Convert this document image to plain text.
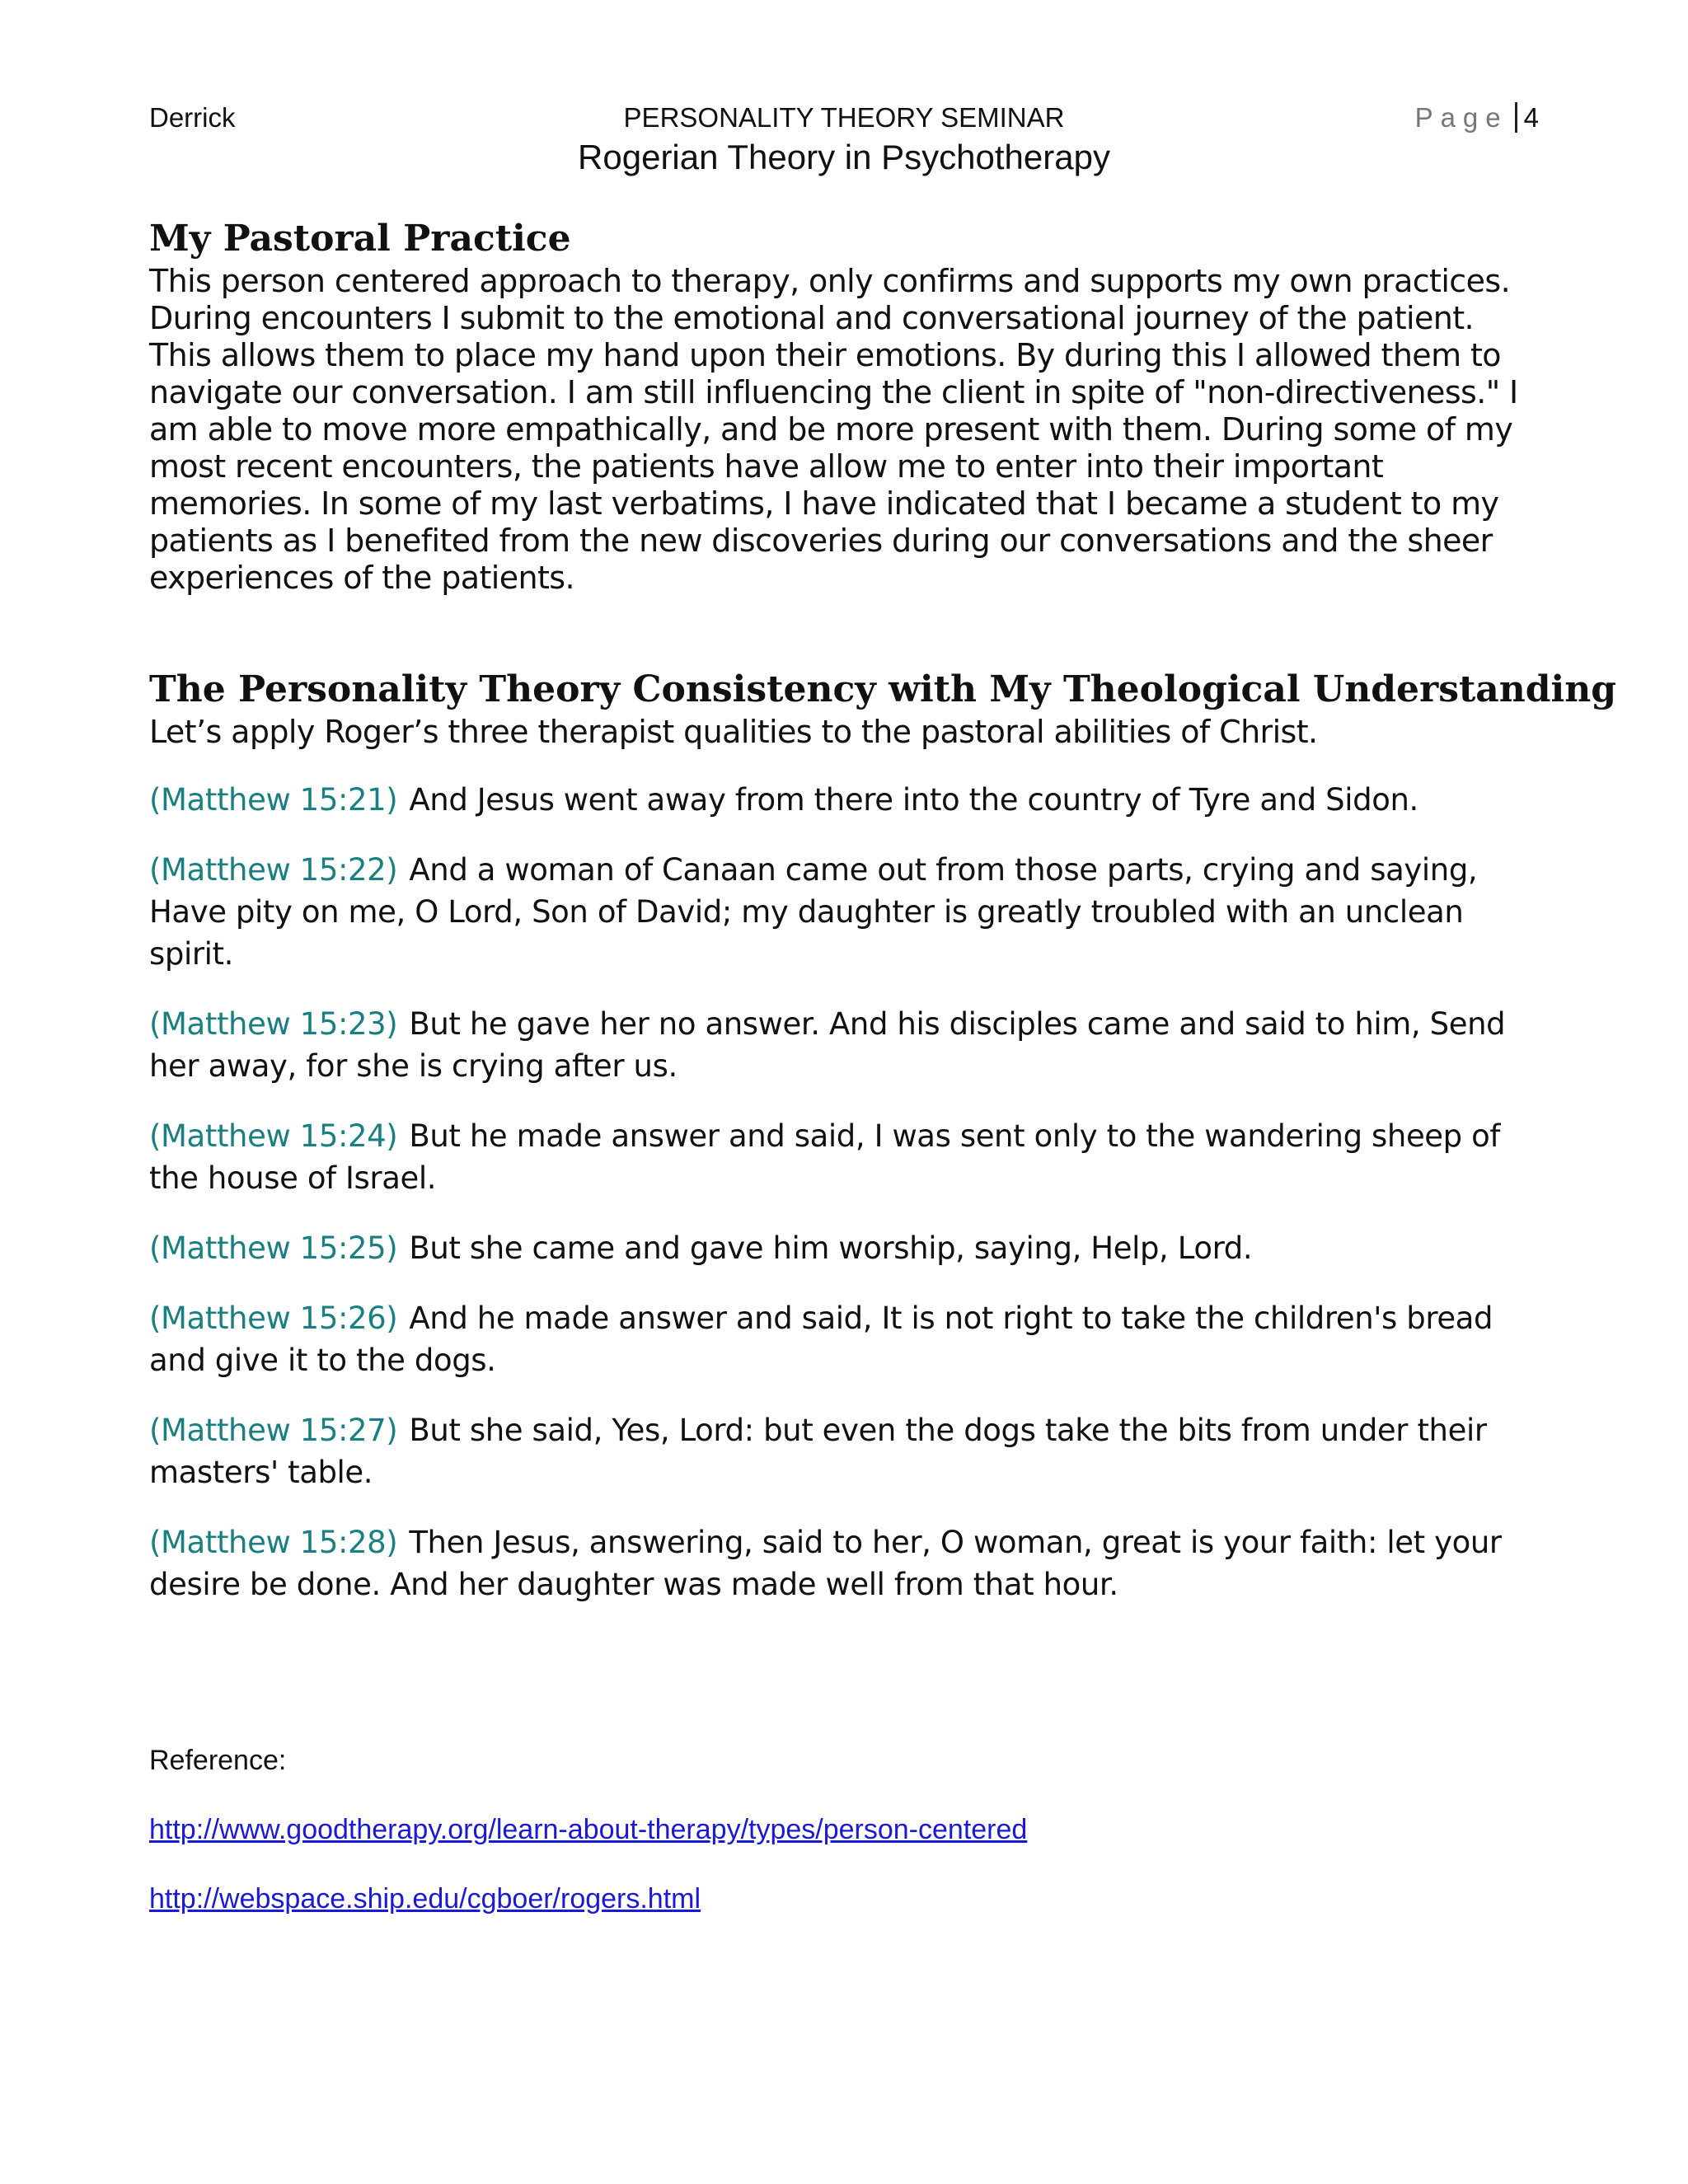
Derrick	PERSONALITY THEORY SEMINAR	Page 4
Rogerian Theory in Psychotherapy
My Pastoral Practice

This person centered approach to therapy, only confirms and supports my own practices. During encounters I submit to the emotional and conversational journey of the patient. This allows them to place my hand upon their emotions. By during this I allowed them to navigate our conversation. I am still influencing the client in spite of "non-directiveness." I am able to move more empathically, and be more present with them. During some of my most recent encounters, the patients have allow me to enter into their important memories. In some of my last verbatims, I have indicated that I became a student to my patients as I benefited from the new discoveries during our conversations and the sheer experiences of the patients.

The Personality Theory Consistency with My Theological Understanding

Let’s apply Roger’s three therapist qualities to the pastoral abilities of Christ.

(Matthew 15:21) And Jesus went away from there into the country of Tyre and Sidon.

(Matthew 15:22) And a woman of Canaan came out from those parts, crying and saying, Have pity on me, O Lord, Son of David; my daughter is greatly troubled with an unclean spirit.

(Matthew 15:23) But he gave her no answer. And his disciples came and said to him, Send her away, for she is crying after us.

(Matthew 15:24) But he made answer and said, I was sent only to the wandering sheep of the house of Israel.

(Matthew 15:25) But she came and gave him worship, saying, Help, Lord.

(Matthew 15:26) And he made answer and said, It is not right to take the children's bread and give it to the dogs.

(Matthew 15:27) But she said, Yes, Lord: but even the dogs take the bits from under their masters' table.

(Matthew 15:28) Then Jesus, answering, said to her, O woman, great is your faith: let your desire be done. And her daughter was made well from that hour.

Reference:
http://www.goodtherapy.org/learn-about-therapy/types/person-centered
http://webspace.ship.edu/cgboer/rogers.html
